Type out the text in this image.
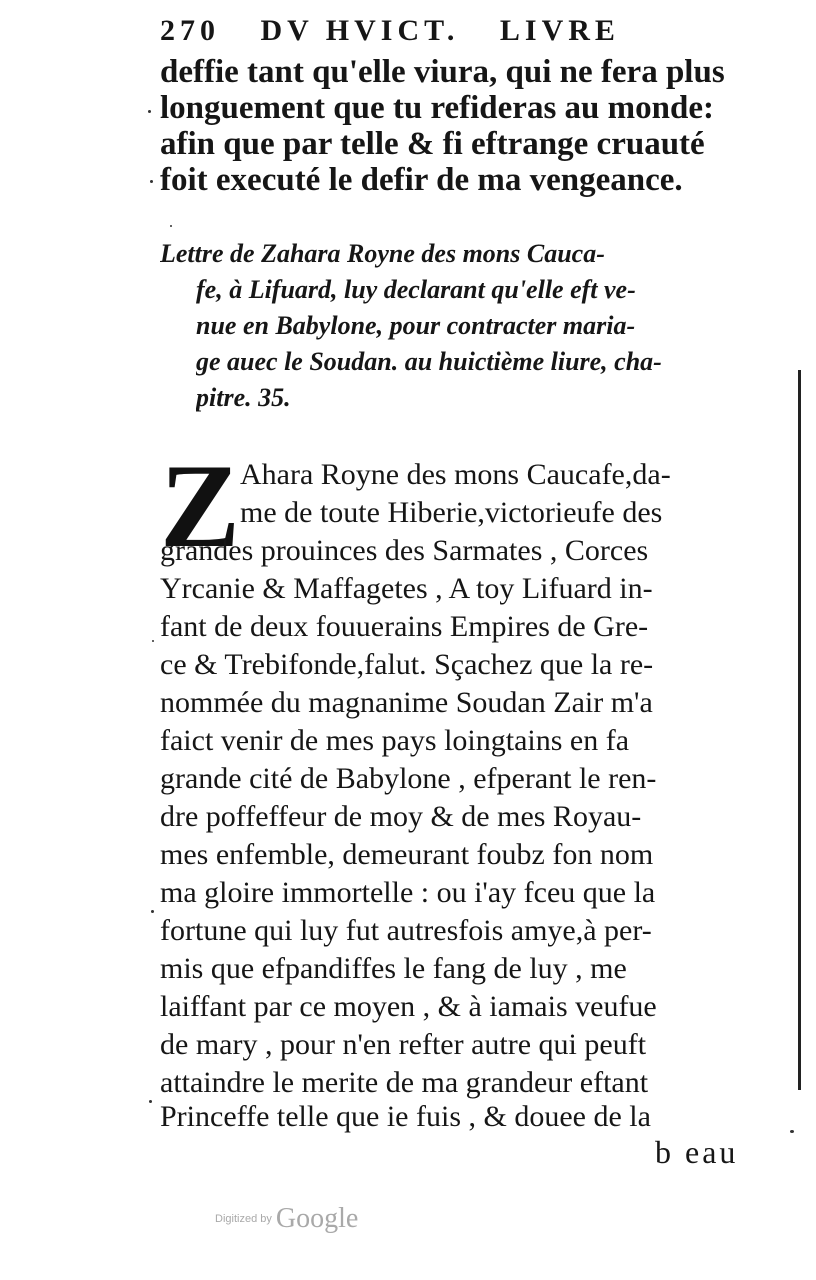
270 DV HVICT. LIVRE
deffie tant qu'elle viura, qui ne fera plus
longuement que tu refideras au monde:
afin que par telle & fi eftrange cruauté
foit executé le defir de ma vengeance.
Lettre de Zahara Royne des mons Cauca-
fe, à Lifuard, luy declarant qu'elle eft ve-
nue en Babylone, pour contracter maria-
ge auec le Soudan. au huictième liure, cha-
pitre. 35.
Z Ahara Royne des mons Caucafe,da-
me de toute Hiberie,victorieufe des
grandes prouinces des Sarmates , Corces
Yrcanie & Maffagetes , A toy Lifuard in-
fant de deux fouuerains Empires de Gre-
ce & Trebifonde,falut. Sçachez que la re-
nommée du magnanime Soudan Zair m'a
faict venir de mes pays loingtains en fa
grande cité de Babylone , efperant le ren-
dre poffeffeur de moy & de mes Royau-
mes enfemble, demeurant foubz fon nom
ma gloire immortelle : ou i'ay fceu que la
fortune qui luy fut autresfois amye,à per-
mis que efpandiffes le fang de luy , me
laiffant par ce moyen , & à iamais veufue
de mary , pour n'en refter autre qui peuft
attaindre le merite de ma grandeur eftant
Princeffe telle que ie fuis , & douee de la
b eau
Digitized by Google
